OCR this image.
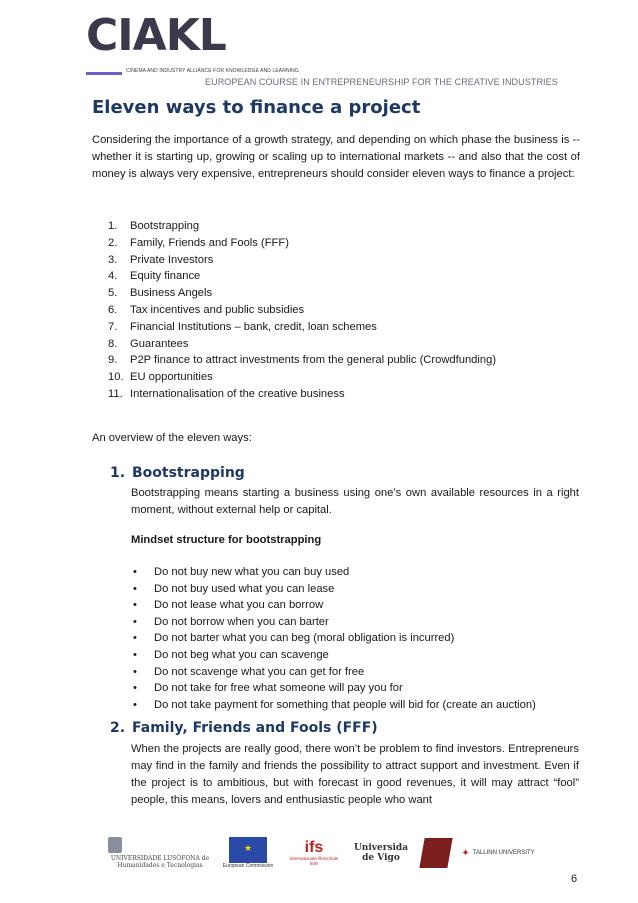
CIAKL
CINEMA AND INDUSTRY ALLIANCE FOR KNOWLEDGE AND LEARNING
EUROPEAN COURSE IN ENTREPRENEURSHIP FOR THE CREATIVE INDUSTRIES
Eleven ways to finance a project

Considering the importance of a growth strategy, and depending on which phase the business is -- whether it is starting up, growing or scaling up to international markets -- and also that the cost of money is always very expensive, entrepreneurs should consider eleven ways to finance a project:

1. Bootstrapping
2. Family, Friends and Fools (FFF)
3. Private Investors
4. Equity finance
5. Business Angels
6. Tax incentives and public subsidies
7. Financial Institutions – bank, credit, loan schemes
8. Guarantees
9. P2P finance to attract investments from the general public (Crowdfunding)
10. EU opportunities
11. Internationalisation of the creative business

An overview of the eleven ways:

1. Bootstrapping

Bootstrapping means starting a business using one’s own available resources in a right moment, without external help or capital.

Mindset structure for bootstrapping

• Do not buy new what you can buy used
• Do not buy used what you can lease
• Do not lease what you can borrow
• Do not borrow when you can barter
• Do not barter what you can beg (moral obligation is incurred)
• Do not beg what you can scavenge
• Do not scavenge what you can get for free
• Do not take for free what someone will pay you for
• Do not take payment for something that people will bid for (create an auction)
2. Family, Friends and Fools (FFF)

When the projects are really good, there won’t be problem to find investors. Entrepreneurs may find in the family and friends the possibility to attract support and investment. Even if the project is to ambitious, but with forecast in good revenues, it will may attract “fool” people, this means, lovers and enthusiastic people who want

UNIVERSIDADE LUSÓFONA de Humanidades e Tecnologias
★	European Commission
ifs
internationale filmschule köln
Universida de Vigo	✦ TALLINN UNIVERSITY
6
